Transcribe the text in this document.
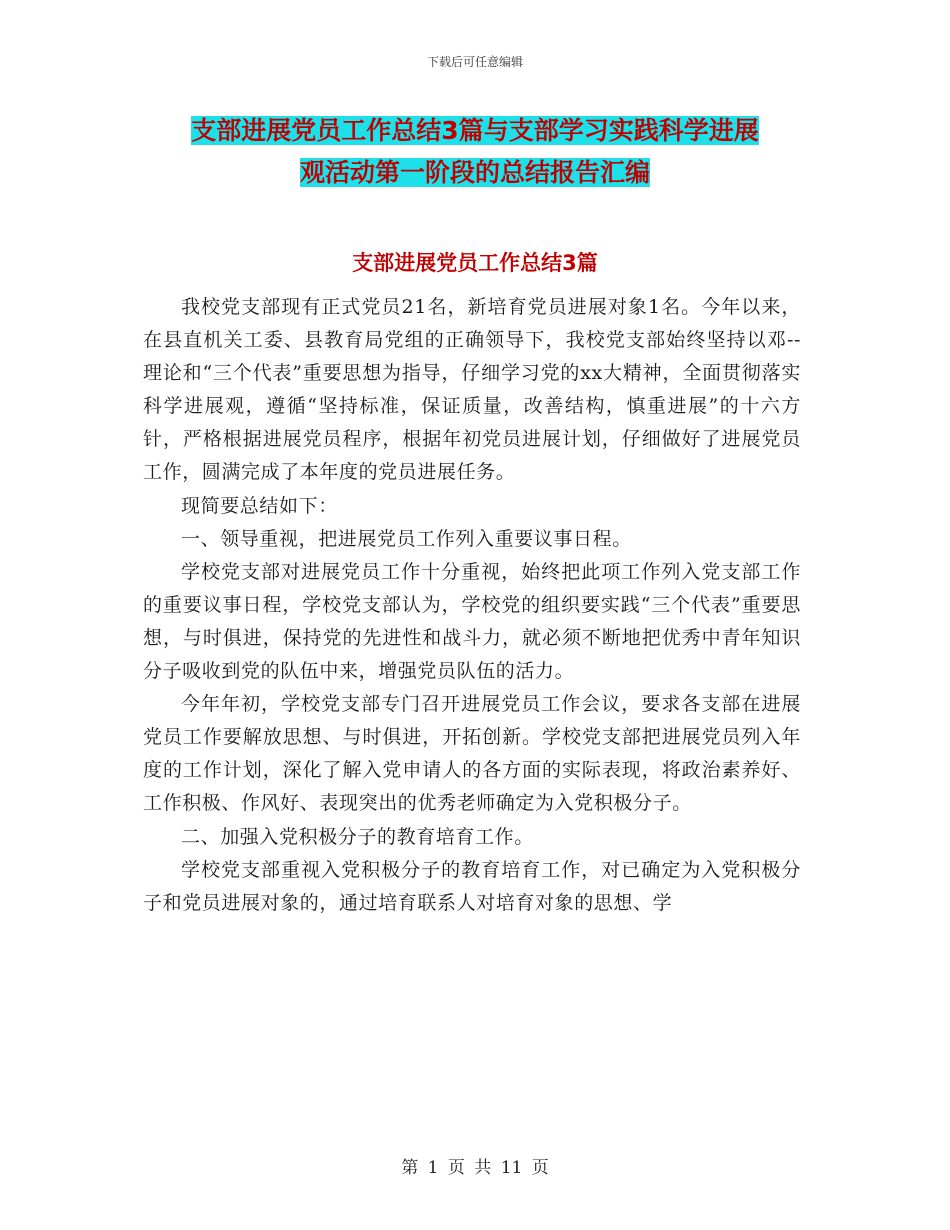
下载后可任意编辑
支部进展党员工作总结3篇与支部学习实践科学进展
观活动第一阶段的总结报告汇编
支部进展党员工作总结3篇

我校党支部现有正式党员21名，新培育党员进展对象1名。今年以来，在县直机关工委、县教育局党组的正确领导下，我校党支部始终坚持以邓--理论和“三个代表”重要思想为指导，仔细学习党的xx大精神，全面贯彻落实科学进展观，遵循“坚持标准，保证质量，改善结构，慎重进展”的十六方针，严格根据进展党员程序，根据年初党员进展计划，仔细做好了进展党员工作，圆满完成了本年度的党员进展任务。

现简要总结如下：

一、领导重视，把进展党员工作列入重要议事日程。

学校党支部对进展党员工作十分重视，始终把此项工作列入党支部工作的重要议事日程，学校党支部认为，学校党的组织要实践“三个代表”重要思想，与时俱进，保持党的先进性和战斗力，就必须不断地把优秀中青年知识分子吸收到党的队伍中来，增强党员队伍的活力。

今年年初，学校党支部专门召开进展党员工作会议，要求各支部在进展党员工作要解放思想、与时俱进，开拓创新。学校党支部把进展党员列入年度的工作计划，深化了解入党申请人的各方面的实际表现，将政治素养好、工作积极、作风好、表现突出的优秀老师确定为入党积极分子。

二、加强入党积极分子的教育培育工作。

学校党支部重视入党积极分子的教育培育工作，对已确定为入党积极分子和党员进展对象的，通过培育联系人对培育对象的思想、学

第 1 页 共 11 页
